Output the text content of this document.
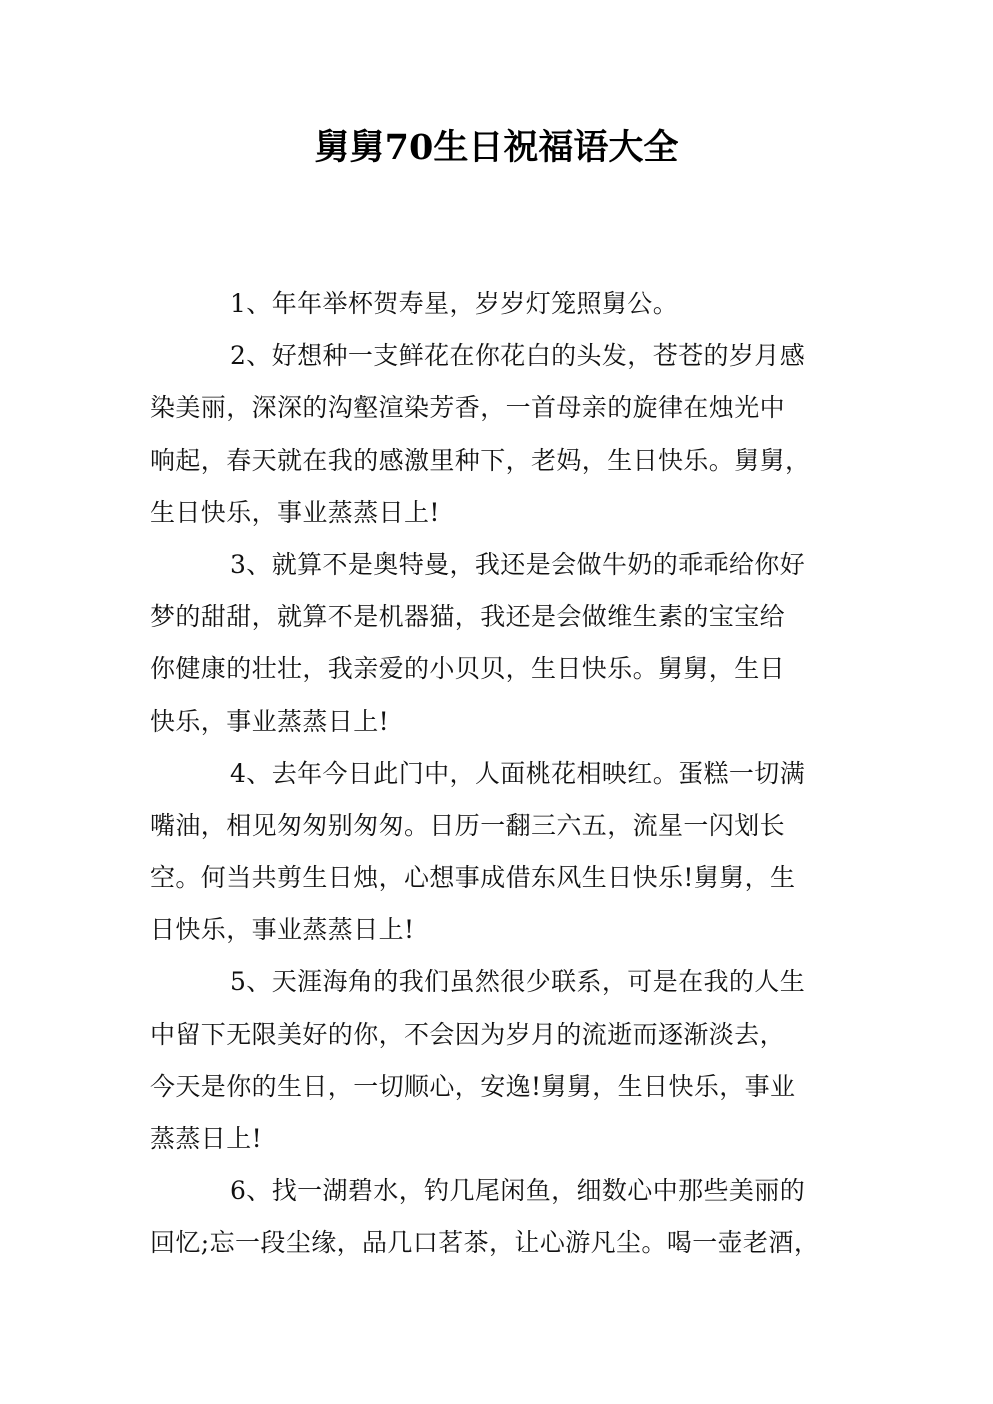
舅舅70生日祝福语大全
1、年年举杯贺寿星，岁岁灯笼照舅公。
2、好想种一支鲜花在你花白的头发，苍苍的岁月感
染美丽，深深的沟壑渲染芳香，一首母亲的旋律在烛光中
响起，春天就在我的感激里种下，老妈，生日快乐。舅舅，
生日快乐，事业蒸蒸日上!
3、就算不是奥特曼，我还是会做牛奶的乖乖给你好
梦的甜甜，就算不是机器猫，我还是会做维生素的宝宝给
你健康的壮壮，我亲爱的小贝贝，生日快乐。舅舅，生日
快乐，事业蒸蒸日上!
4、去年今日此门中，人面桃花相映红。蛋糕一切满
嘴油，相见匆匆别匆匆。日历一翻三六五，流星一闪划长
空。何当共剪生日烛，心想事成借东风生日快乐!舅舅，生
日快乐，事业蒸蒸日上!
5、天涯海角的我们虽然很少联系，可是在我的人生
中留下无限美好的你，不会因为岁月的流逝而逐渐淡去，
今天是你的生日，一切顺心，安逸!舅舅，生日快乐，事业
蒸蒸日上!
6、找一湖碧水，钓几尾闲鱼，细数心中那些美丽的
回忆;忘一段尘缘，品几口茗茶，让心游凡尘。喝一壶老酒，
